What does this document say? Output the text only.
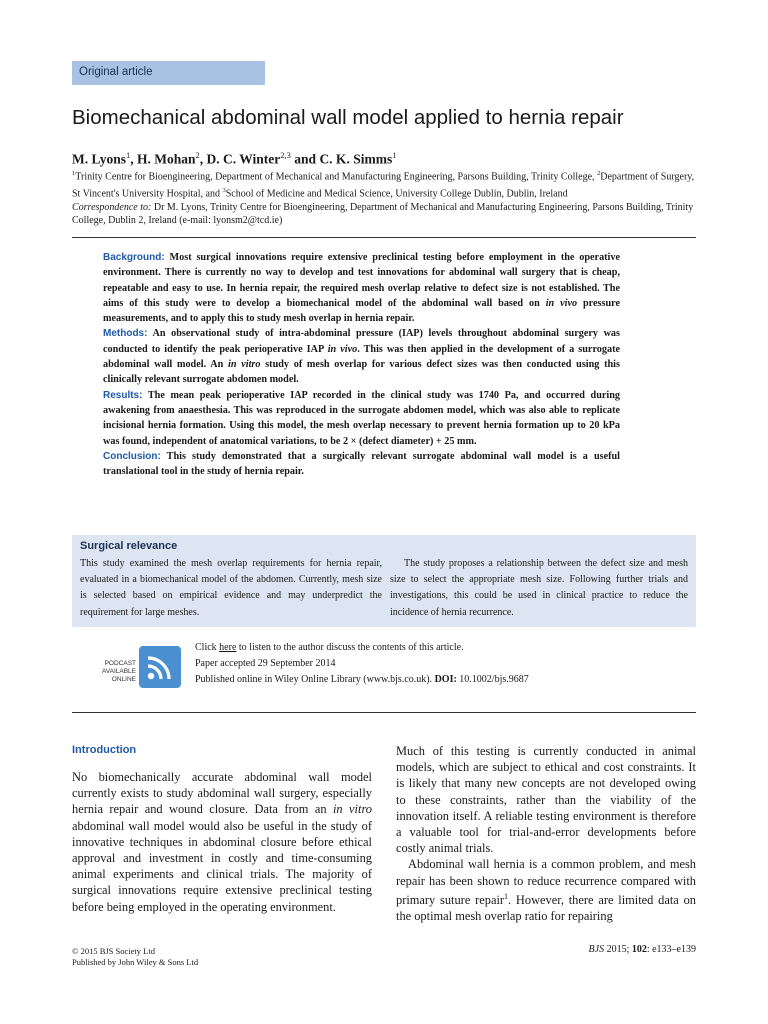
Original article
Biomechanical abdominal wall model applied to hernia repair
M. Lyons$^1$, H. Mohan$^2$, D. C. Winter$^{2,3}$ and C. K. Simms$^1$
$^1$Trinity Centre for Bioengineering, Department of Mechanical and Manufacturing Engineering, Parsons Building, Trinity College, $^2$Department of Surgery, St Vincent's University Hospital, and $^3$School of Medicine and Medical Science, University College Dublin, Dublin, Ireland
Correspondence to: Dr M. Lyons, Trinity Centre for Bioengineering, Department of Mechanical and Manufacturing Engineering, Parsons Building, Trinity College, Dublin 2, Ireland (e-mail: lyonsm2@tcd.ie)

Background: Most surgical innovations require extensive preclinical testing before employment in the operative environment. There is currently no way to develop and test innovations for abdominal wall surgery that is cheap, repeatable and easy to use. In hernia repair, the required mesh overlap relative to defect size is not established. The aims of this study were to develop a biomechanical model of the abdominal wall based on in vivo pressure measurements, and to apply this to study mesh overlap in hernia repair.

Methods: An observational study of intra-abdominal pressure (IAP) levels throughout abdominal surgery was conducted to identify the peak perioperative IAP in vivo. This was then applied in the development of a surrogate abdominal wall model. An in vitro study of mesh overlap for various defect sizes was then conducted using this clinically relevant surrogate abdomen model.

Results: The mean peak perioperative IAP recorded in the clinical study was 1740 Pa, and occurred during awakening from anaesthesia. This was reproduced in the surrogate abdomen model, which was also able to replicate incisional hernia formation. Using this model, the mesh overlap necessary to prevent hernia formation up to 20 kPa was found, independent of anatomical variations, to be 2 × (defect diameter) + 25 mm.

Conclusion: This study demonstrated that a surgically relevant surrogate abdominal wall model is a useful translational tool in the study of hernia repair.

Surgical relevance
This study examined the mesh overlap requirements for hernia repair, evaluated in a biomechanical model of the abdomen. Currently, mesh size is selected based on empirical evidence and may underpredict the requirement for large meshes.
The study proposes a relationship between the defect size and mesh size to select the appropriate mesh size. Following further trials and investigations, this could be used in clinical practice to reduce the incidence of hernia recurrence.
PODCAST
AVAILABLE
ONLINE
Click here to listen to the author discuss the contents of this article.
Paper accepted 29 September 2014
Published online in Wiley Online Library (www.bjs.co.uk). DOI: 10.1002/bjs.9687
Introduction

No biomechanically accurate abdominal wall model currently exists to study abdominal wall surgery, especially hernia repair and wound closure. Data from an in vitro abdominal wall model would also be useful in the study of innovative techniques in abdominal closure before ethical approval and investment in costly and time-consuming animal experiments and clinical trials. The majority of surgical innovations require extensive preclinical testing before being employed in the operating environment.

Much of this testing is currently conducted in animal models, which are subject to ethical and cost constraints. It is likely that many new concepts are not developed owing to these constraints, rather than the viability of the innovation itself. A reliable testing environment is therefore a valuable tool for trial-and-error developments before costly animal trials.

Abdominal wall hernia is a common problem, and mesh repair has been shown to reduce recurrence compared with primary suture repair$^1$. However, there are limited data on the optimal mesh overlap ratio for repairing

© 2015 BJS Society Ltd
Published by John Wiley & Sons Ltd
BJS 2015; 102: e133–e139
